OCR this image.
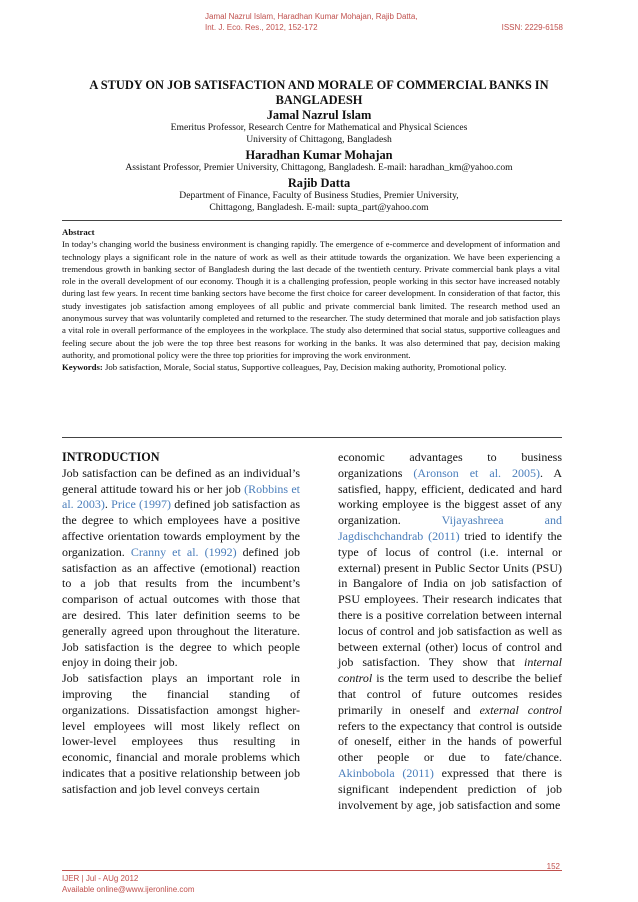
Jamal Nazrul Islam, Haradhan Kumar Mohajan, Rajib Datta,
Int. J. Eco. Res., 2012, 152-172	ISSN: 2229-6158
A STUDY ON JOB SATISFACTION AND MORALE OF COMMERCIAL BANKS IN BANGLADESH
Jamal Nazrul Islam
Emeritus Professor, Research Centre for Mathematical and Physical Sciences
University of Chittagong, Bangladesh
Haradhan Kumar Mohajan
Assistant Professor, Premier University, Chittagong, Bangladesh. E-mail: haradhan_km@yahoo.com
Rajib Datta
Department of Finance, Faculty of Business Studies, Premier University,
Chittagong, Bangladesh. E-mail: supta_part@yahoo.com
Abstract
In today’s changing world the business environment is changing rapidly. The emergence of e-commerce and development of information and technology plays a significant role in the nature of work as well as their attitude towards the organization. We have been experiencing a tremendous growth in banking sector of Bangladesh during the last decade of the twentieth century. Private commercial bank plays a vital role in the overall development of our economy. Though it is a challenging profession, people working in this sector have increased notably during last few years. In recent time banking sectors have become the first choice for career development. In consideration of that factor, this study investigates job satisfaction among employees of all public and private commercial bank limited. The research method used an anonymous survey that was voluntarily completed and returned to the researcher. The study determined that morale and job satisfaction plays a vital role in overall performance of the employees in the workplace. The study also determined that social status, supportive colleagues and feeling secure about the job were the top three best reasons for working in the banks. It was also determined that pay, decision making authority, and promotional policy were the three top priorities for improving the work environment.
Keywords: Job satisfaction, Morale, Social status, Supportive colleagues, Pay, Decision making authority, Promotional policy.
INTRODUCTION

Job satisfaction can be defined as an individual’s general attitude toward his or her job (Robbins et al. 2003). Price (1997) defined job satisfaction as the degree to which employees have a positive affective orientation towards employment by the organization. Cranny et al. (1992) defined job satisfaction as an affective (emotional) reaction to a job that results from the incumbent’s comparison of actual outcomes with those that are desired. This later definition seems to be generally agreed upon throughout the literature. Job satisfaction is the degree to which people enjoy in doing their job.

Job satisfaction plays an important role in improving the financial standing of organizations. Dissatisfaction amongst higher-level employees will most likely reflect on lower-level employees thus resulting in economic, financial and morale problems which indicates that a positive relationship between job satisfaction and job level conveys certain

economic advantages to business organizations (Aronson et al. 2005). A satisfied, happy, efficient, dedicated and hard working employee is the biggest asset of any organization. Vijayashreea and Jagdischchandrab (2011) tried to identify the type of locus of control (i.e. internal or external) present in Public Sector Units (PSU) in Bangalore of India on job satisfaction of PSU employees. Their research indicates that there is a positive correlation between internal locus of control and job satisfaction as well as between external (other) locus of control and job satisfaction. They show that internal control is the term used to describe the belief that control of future outcomes resides primarily in oneself and external control refers to the expectancy that control is outside of oneself, either in the hands of powerful other people or due to fate/chance. Akinbobola (2011) expressed that there is significant independent prediction of job involvement by age, job satisfaction and some

152
IJER | Jul - AUg 2012
Available online@www.ijeronline.com
